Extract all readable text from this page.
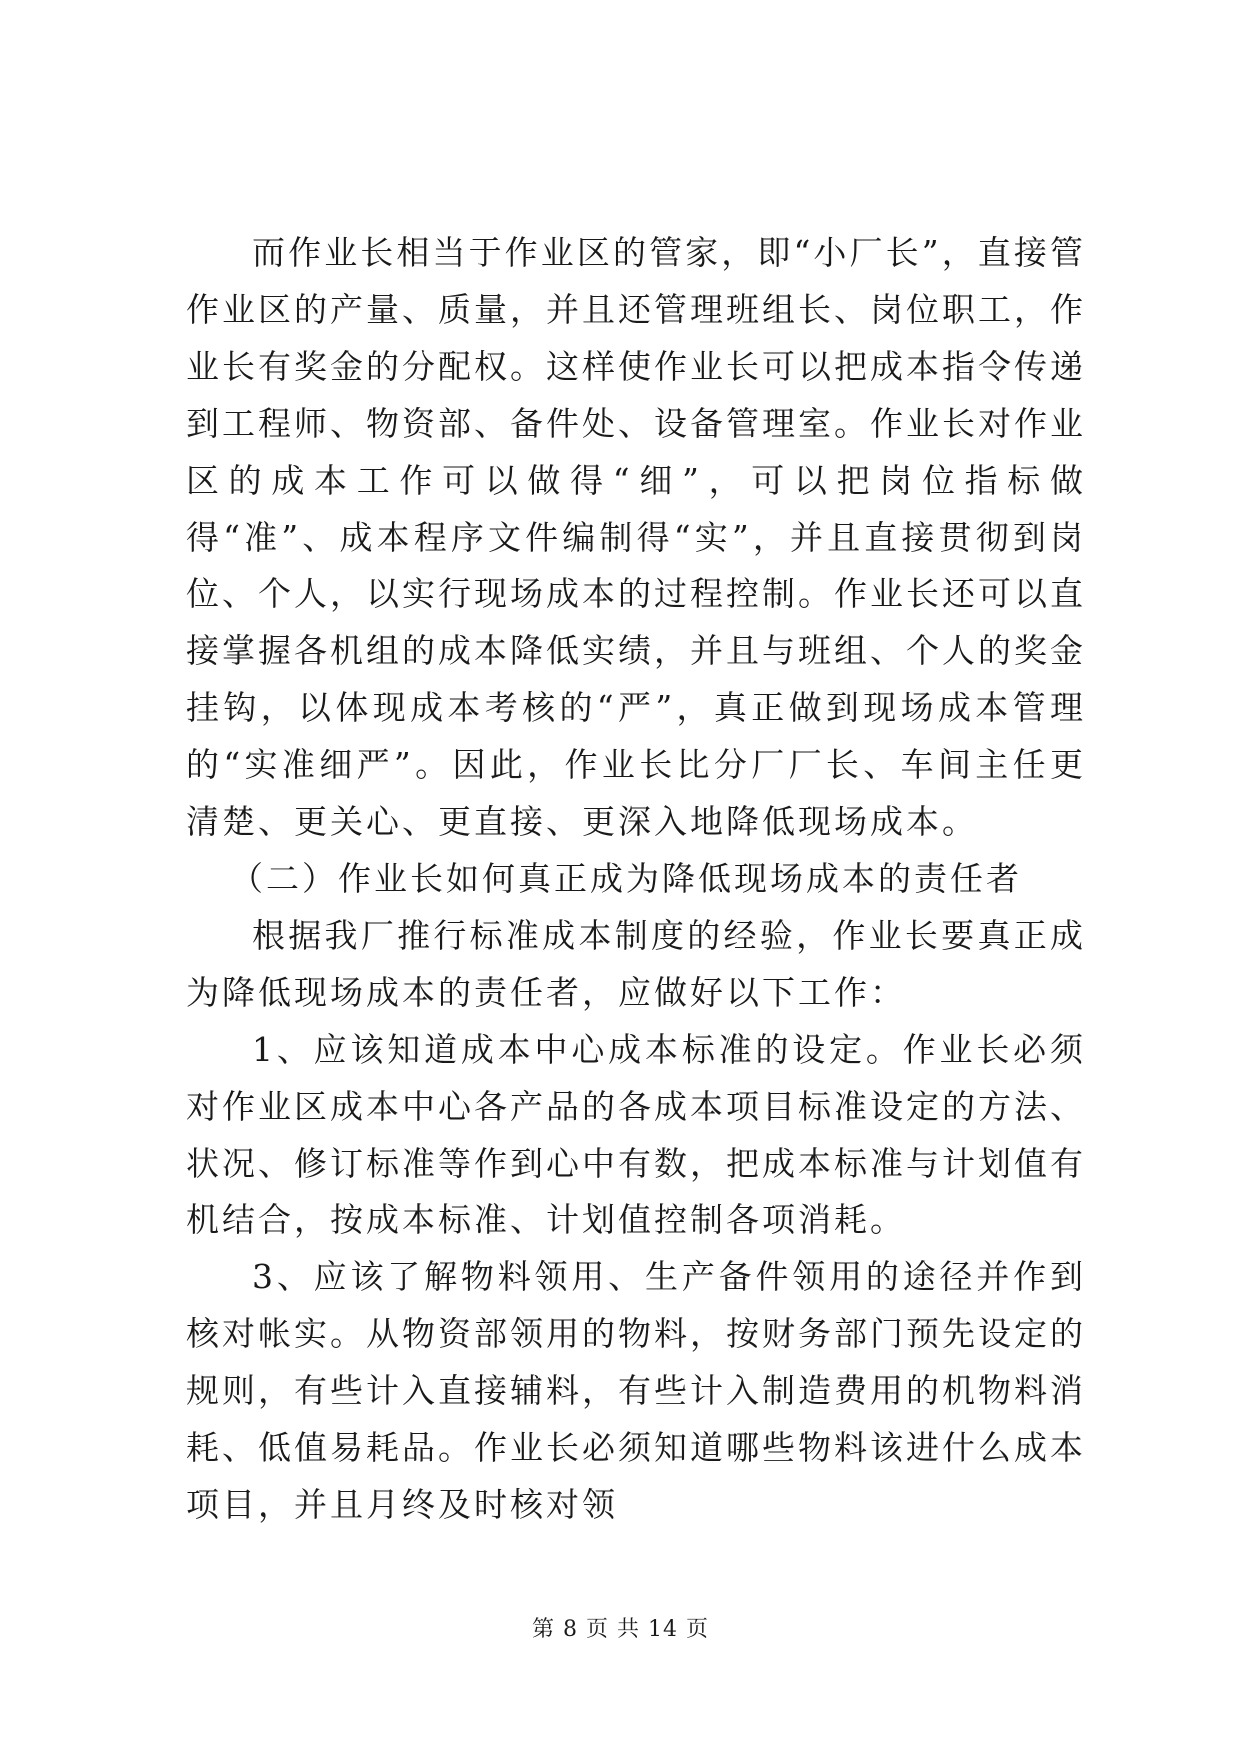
而作业长相当于作业区的管家，即“小厂长”，直接管作业区的产量、质量，并且还管理班组长、岗位职工，作业长有奖金的分配权。这样使作业长可以把成本指令传递到工程师、物资部、备件处、设备管理室。作业长对作业区的成本工作可以做得“细”，可以把岗位指标做得“准”、成本程序文件编制得“实”，并且直接贯彻到岗位、个人，以实行现场成本的过程控制。作业长还可以直接掌握各机组的成本降低实绩，并且与班组、个人的奖金挂钩，以体现成本考核的“严”，真正做到现场成本管理的“实准细严”。因此，作业长比分厂厂长、车间主任更清楚、更关心、更直接、更深入地降低现场成本。

（二）作业长如何真正成为降低现场成本的责任者

根据我厂推行标准成本制度的经验，作业长要真正成为降低现场成本的责任者，应做好以下工作：

1、应该知道成本中心成本标准的设定。作业长必须对作业区成本中心各产品的各成本项目标准设定的方法、状况、修订标准等作到心中有数，把成本标准与计划值有机结合，按成本标准、计划值控制各项消耗。

3、应该了解物料领用、生产备件领用的途径并作到核对帐实。从物资部领用的物料，按财务部门预先设定的规则，有些计入直接辅料，有些计入制造费用的机物料消耗、低值易耗品。作业长必须知道哪些物料该进什么成本项目，并且月终及时核对领

第 8 页 共 14 页
